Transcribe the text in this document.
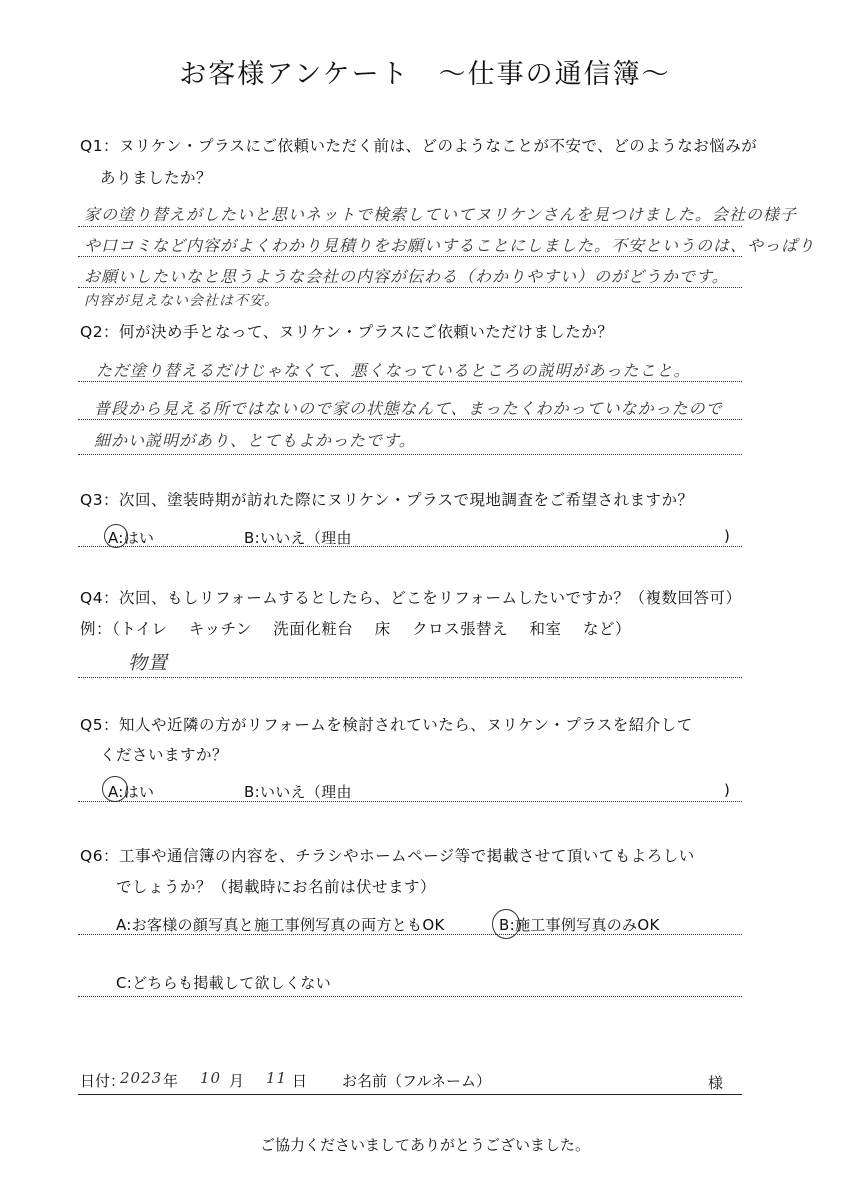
お客様アンケート　～仕事の通信簿～
Q1：ヌリケン・プラスにご依頼いただく前は、どのようなことが不安で、どのようなお悩みが
ありましたか？
家の塗り替えがしたいと思いネットで検索していてヌリケンさんを見つけました。会社の様子
や口コミなど内容がよくわかり見積りをお願いすることにしました。不安というのは、やっぱり
お願いしたいなと思うような会社の内容が伝わる（わかりやすい）のがどうかです。
内容が見えない会社は不安。
Q2：何が決め手となって、ヌリケン・プラスにご依頼いただけましたか？
ただ塗り替えるだけじゃなくて、悪くなっているところの説明があったこと。
普段から見える所ではないので家の状態なんて、まったくわかっていなかったので
細かい説明があり、とてもよかったです。
Q3：次回、塗装時期が訪れた際にヌリケン・プラスで現地調査をご希望されますか？
A:はい	B:いいえ（理由	)
Q4：次回、もしリフォームするとしたら、どこをリフォームしたいですか？（複数回答可）
例：（トイレ　 キッチン　 洗面化粧台　 床　 クロス張替え　 和室　 など）
物置
Q5：知人や近隣の方がリフォームを検討されていたら、ヌリケン・プラスを紹介して
くださいますか？
A:はい	B:いいえ（理由	)
Q6：工事や通信簿の内容を、チラシやホームページ等で掲載させて頂いてもよろしい
でしょうか？（掲載時にお名前は伏せます）
A:お客様の顔写真と施工事例写真の両方ともOK	B:施工事例写真のみOK
C:どちらも掲載して欲しくない
日付：
2023 年 10 月 11 日 お名前（フルネーム）	様
ご協力くださいましてありがとうございました。
